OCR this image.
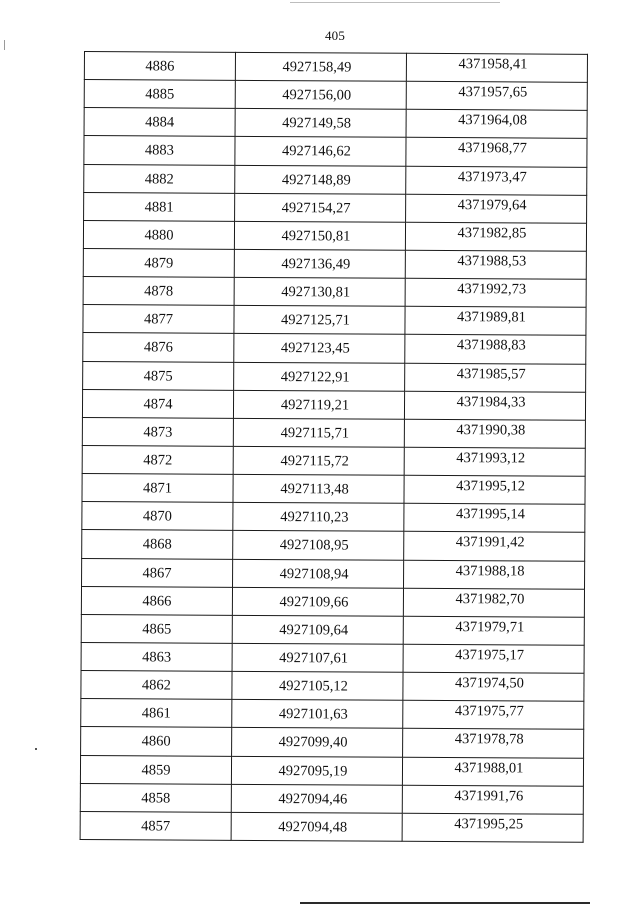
405
4886	4927158,49	4371958,41
4885	4927156,00	4371957,65
4884	4927149,58	4371964,08
4883	4927146,62	4371968,77
4882	4927148,89	4371973,47
4881	4927154,27	4371979,64
4880	4927150,81	4371982,85
4879	4927136,49	4371988,53
4878	4927130,81	4371992,73
4877	4927125,71	4371989,81
4876	4927123,45	4371988,83
4875	4927122,91	4371985,57
4874	4927119,21	4371984,33
4873	4927115,71	4371990,38
4872	4927115,72	4371993,12
4871	4927113,48	4371995,12
4870	4927110,23	4371995,14
4868	4927108,95	4371991,42
4867	4927108,94	4371988,18
4866	4927109,66	4371982,70
4865	4927109,64	4371979,71
4863	4927107,61	4371975,17
4862	4927105,12	4371974,50
4861	4927101,63	4371975,77
4860	4927099,40	4371978,78
4859	4927095,19	4371988,01
4858	4927094,46	4371991,76
4857	4927094,48	4371995,25
